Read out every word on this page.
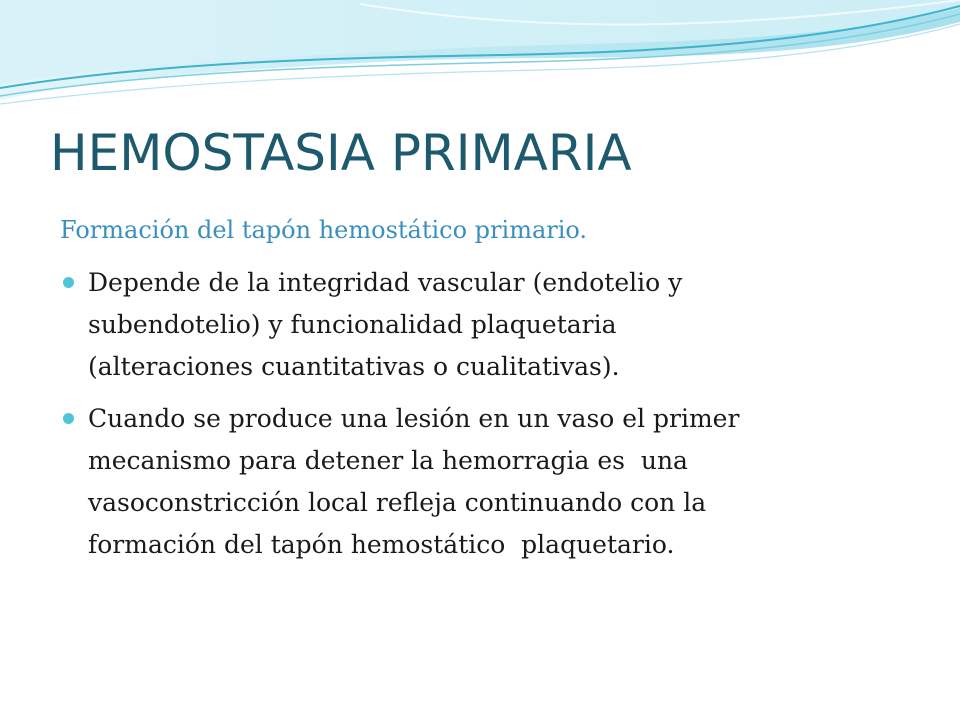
HEMOSTASIA PRIMARIA

Formación del tapón hemostático primario.

Depende de la integridad vascular (endotelio y
subendotelio) y funcionalidad plaquetaria
(alteraciones cuantitativas o cualitativas).
Cuando se produce una lesión en un vaso el primer
mecanismo para detener la hemorragia es  una
vasoconstricción local refleja continuando con la
formación del tapón hemostático  plaquetario.
